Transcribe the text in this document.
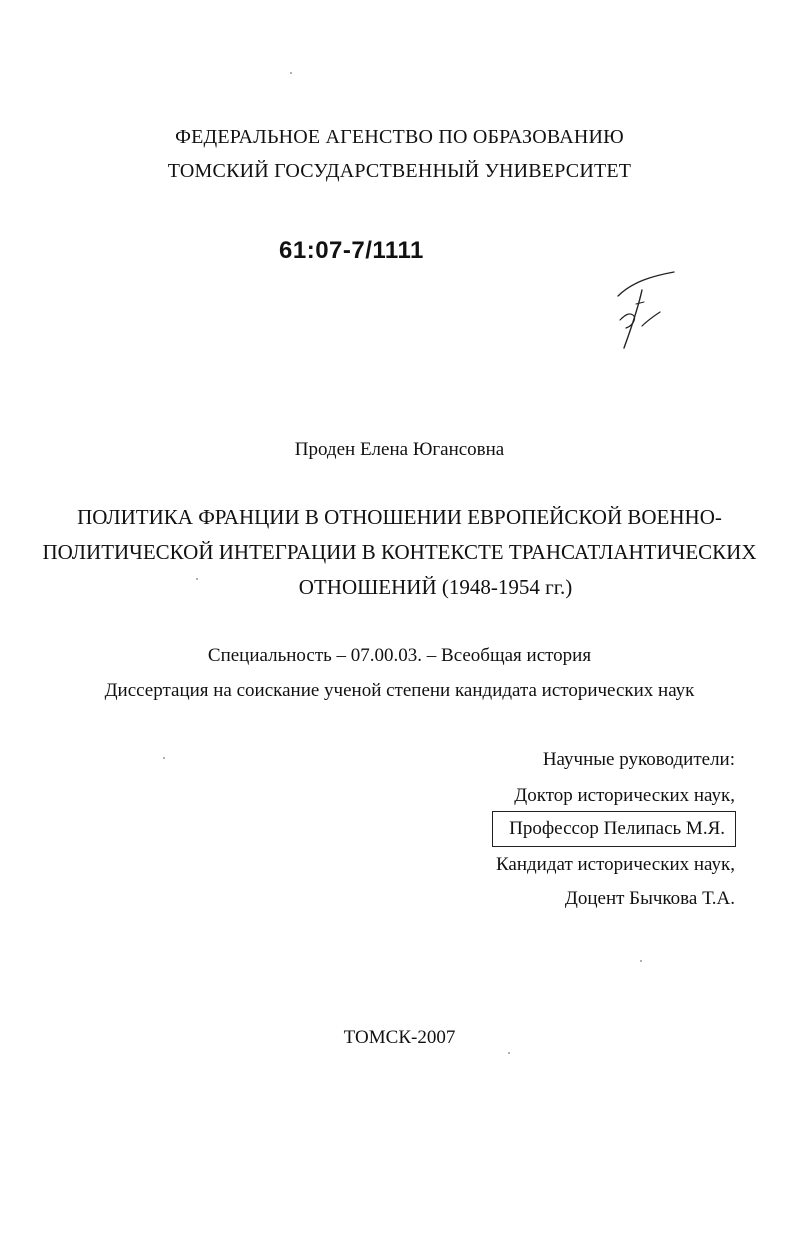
ФЕДЕРАЛЬНОЕ АГЕНСТВО ПО ОБРАЗОВАНИЮ
ТОМСКИЙ ГОСУДАРСТВЕННЫЙ УНИВЕРСИТЕТ
61:07-7/1111
Проден Елена Югансовна
ПОЛИТИКА ФРАНЦИИ В ОТНОШЕНИИ ЕВРОПЕЙСКОЙ ВОЕННО-
ПОЛИТИЧЕСКОЙ ИНТЕГРАЦИИ В КОНТЕКСТЕ ТРАНСАТЛАНТИЧЕСКИХ
ОТНОШЕНИЙ (1948-1954 гг.)
Специальность – 07.00.03. – Всеобщая история
Диссертация на соискание ученой степени кандидата исторических наук
Научные руководители:
Доктор исторических наук,
Профессор Пелипась М.Я.
Кандидат исторических наук,
Доцент Бычкова Т.А.
ТОМСК-2007
